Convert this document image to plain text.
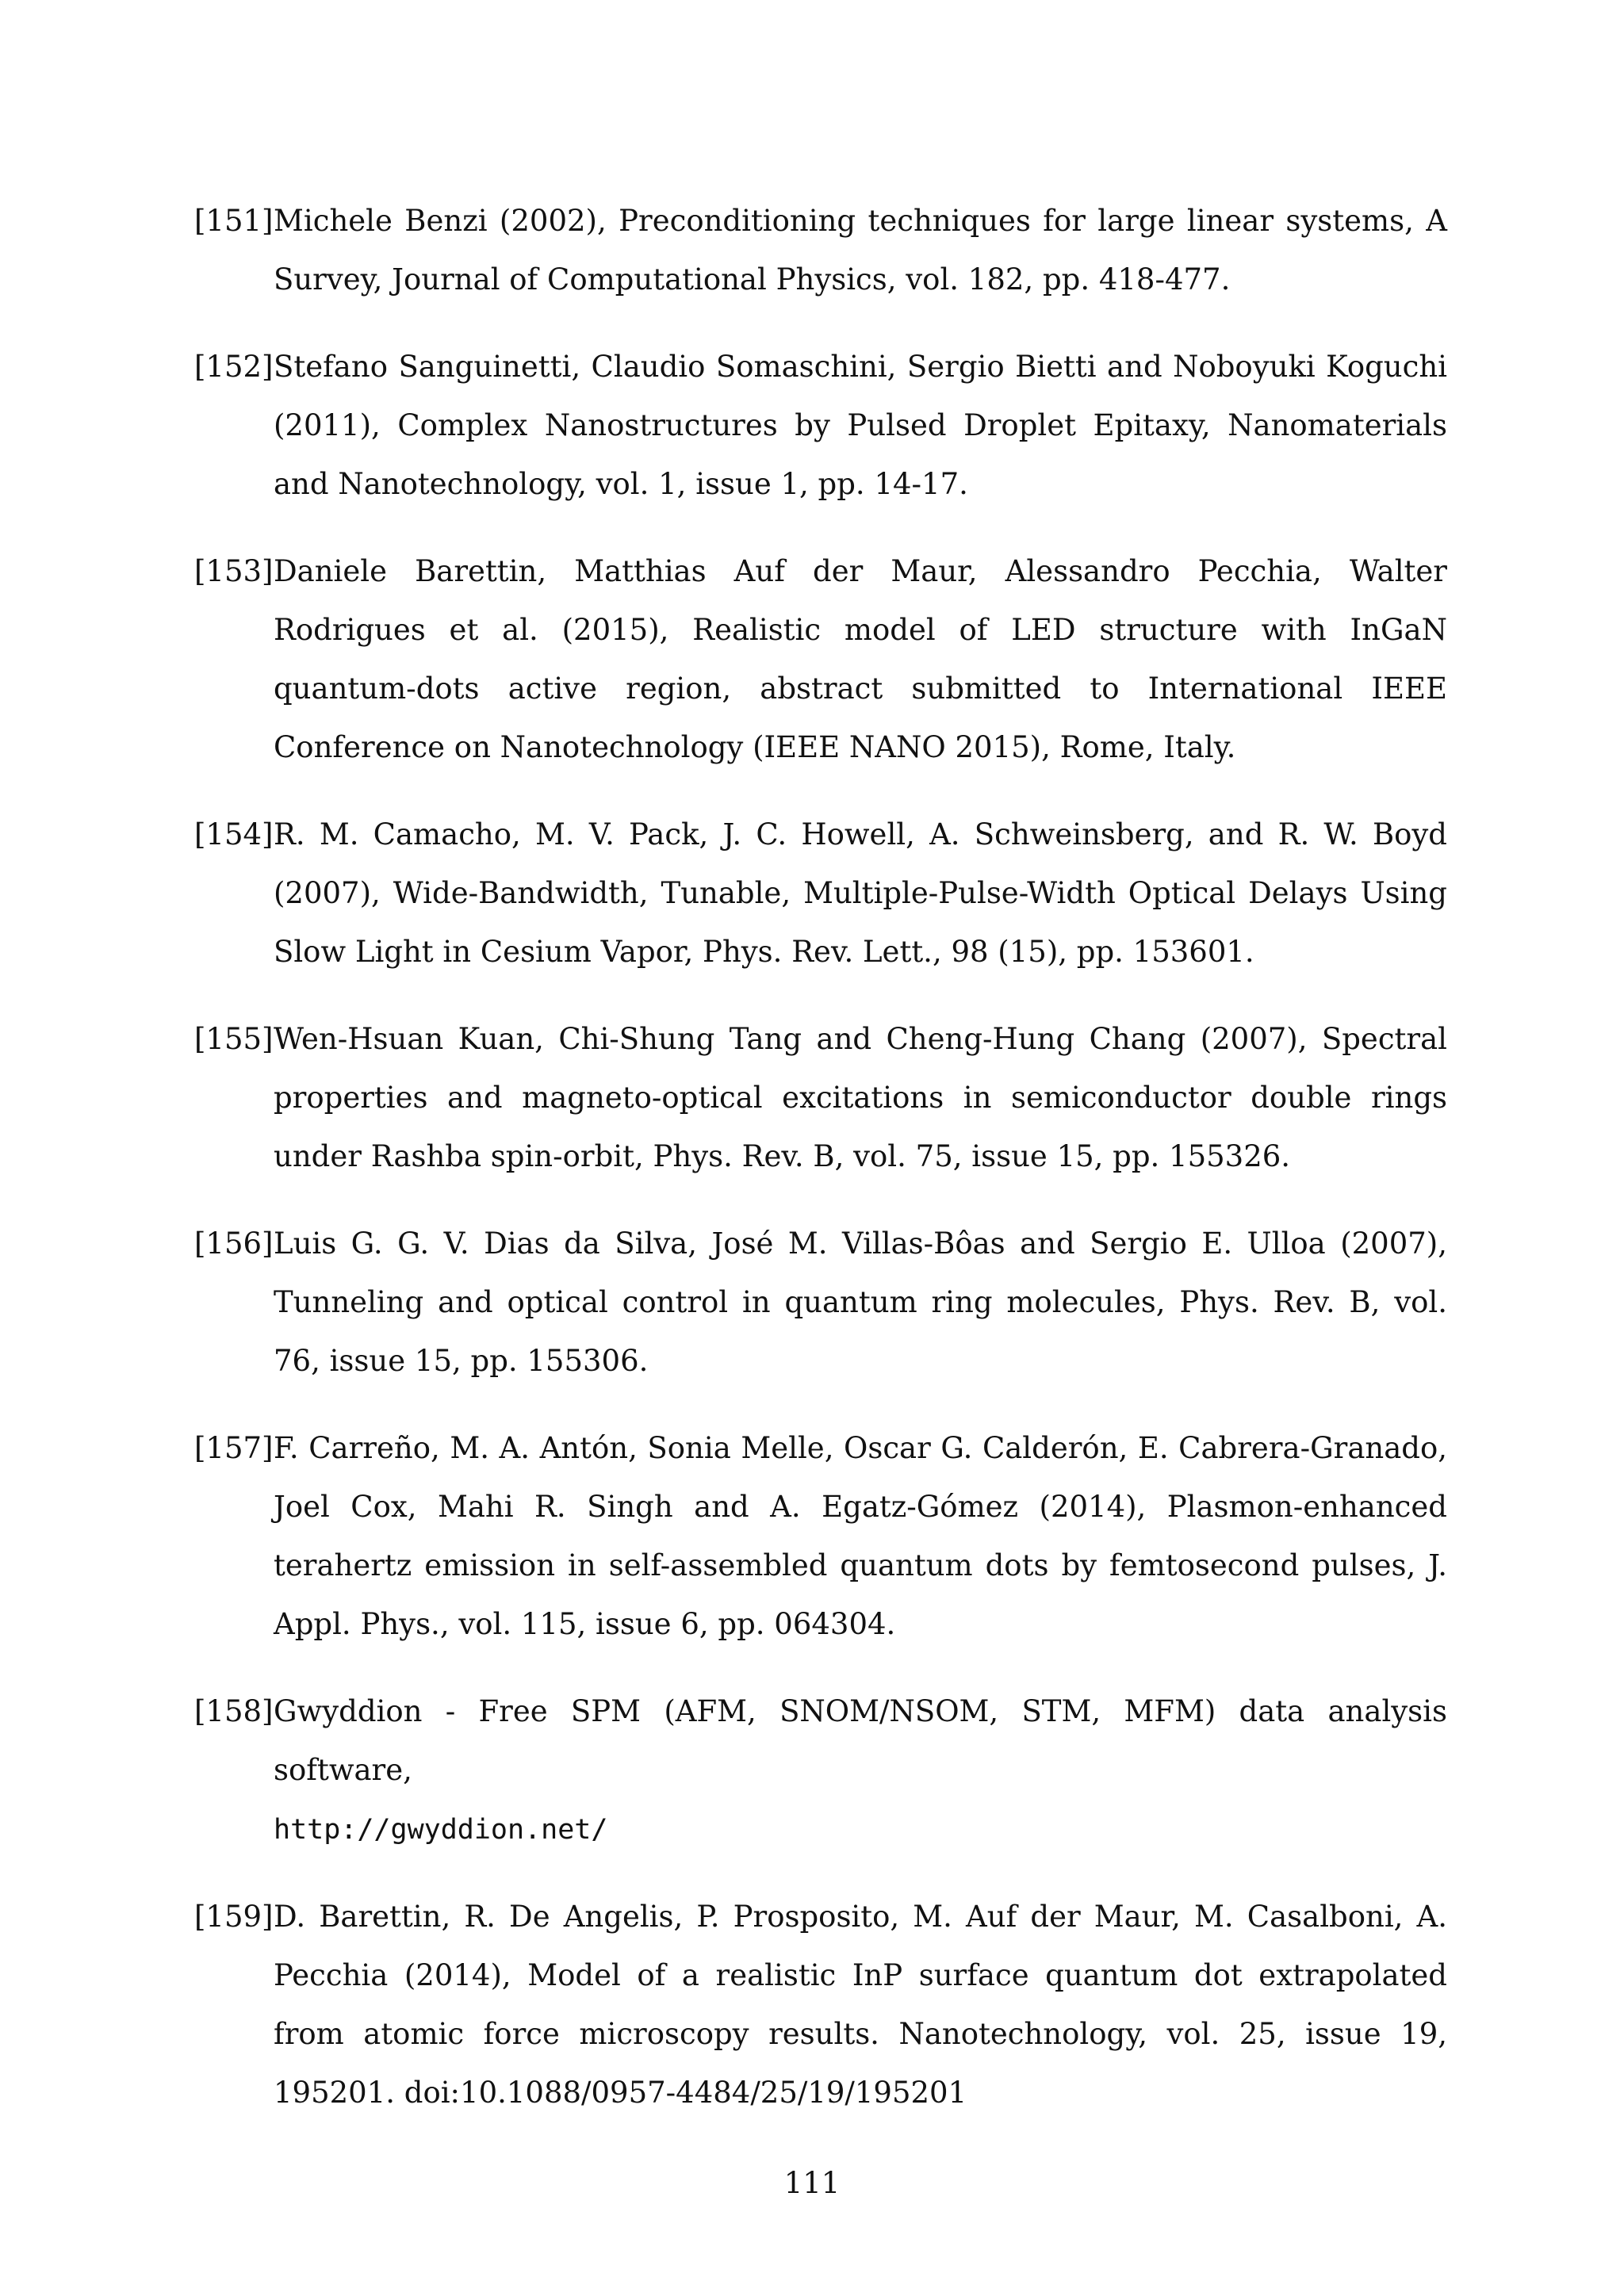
[151] Michele Benzi (2002), Preconditioning techniques for large linear systems, A Survey, Journal of Computational Physics, vol. 182, pp. 418-477.
[152] Stefano Sanguinetti, Claudio Somaschini, Sergio Bietti and Noboyuki Koguchi (2011), Complex Nanostructures by Pulsed Droplet Epitaxy, Nanomaterials and Nanotechnology, vol. 1, issue 1, pp. 14-17.
[153] Daniele Barettin, Matthias Auf der Maur, Alessandro Pecchia, Walter Rodrigues et al. (2015), Realistic model of LED structure with InGaN quantum-dots active region, abstract submitted to International IEEE Conference on Nanotechnology (IEEE NANO 2015), Rome, Italy.
[154] R. M. Camacho, M. V. Pack, J. C. Howell, A. Schweinsberg, and R. W. Boyd (2007), Wide-Bandwidth, Tunable, Multiple-Pulse-Width Optical Delays Using Slow Light in Cesium Vapor, Phys. Rev. Lett., 98 (15), pp. 153601.
[155] Wen-Hsuan Kuan, Chi-Shung Tang and Cheng-Hung Chang (2007), Spectral properties and magneto-optical excitations in semiconductor double rings under Rashba spin-orbit, Phys. Rev. B, vol. 75, issue 15, pp. 155326.
[156] Luis G. G. V. Dias da Silva, José M. Villas-Bôas and Sergio E. Ulloa (2007), Tunneling and optical control in quantum ring molecules, Phys. Rev. B, vol. 76, issue 15, pp. 155306.
[157] F. Carreño, M. A. Antón, Sonia Melle, Oscar G. Calderón, E. Cabrera-Granado, Joel Cox, Mahi R. Singh and A. Egatz-Gómez (2014), Plasmon-enhanced terahertz emission in self-assembled quantum dots by femtosecond pulses, J. Appl. Phys., vol. 115, issue 6, pp. 064304.
[158] Gwyddion - Free SPM (AFM, SNOM/NSOM, STM, MFM) data analysis software,
http://gwyddion.net/
[159] D. Barettin, R. De Angelis, P. Prosposito, M. Auf der Maur, M. Casalboni, A. Pecchia (2014), Model of a realistic InP surface quantum dot extrapolated from atomic force microscopy results. Nanotechnology, vol. 25, issue 19, 195201. doi:10.1088/0957-4484/25/19/195201
111
